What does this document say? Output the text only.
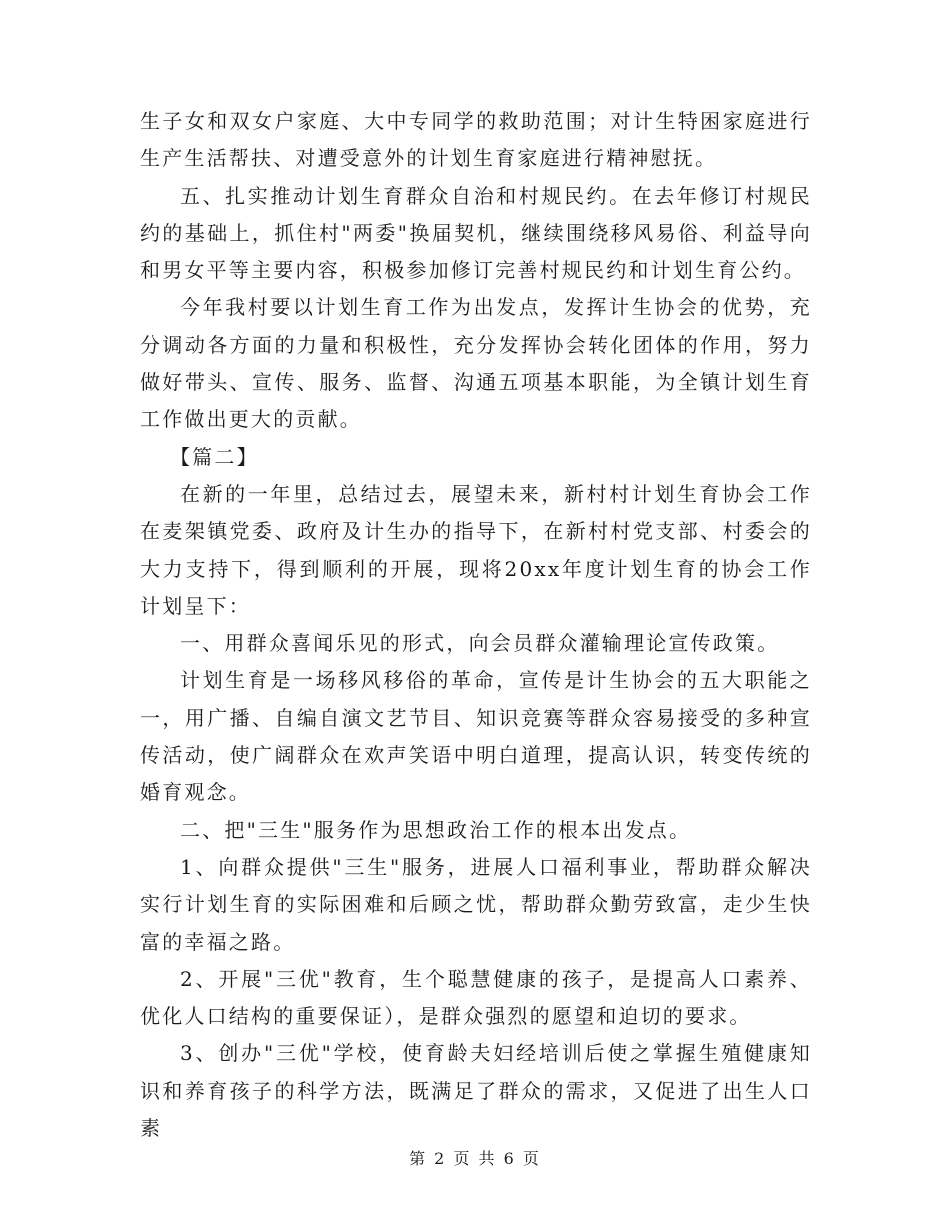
生子女和双女户家庭、大中专同学的救助范围；对计生特困家庭进行生产生活帮扶、对遭受意外的计划生育家庭进行精神慰抚。

五、扎实推动计划生育群众自治和村规民约。在去年修订村规民约的基础上，抓住村"两委"换届契机，继续围绕移风易俗、利益导向和男女平等主要内容，积极参加修订完善村规民约和计划生育公约。

今年我村要以计划生育工作为出发点，发挥计生协会的优势，充分调动各方面的力量和积极性，充分发挥协会转化团体的作用，努力做好带头、宣传、服务、监督、沟通五项基本职能，为全镇计划生育工作做出更大的贡献。

【篇二】

在新的一年里，总结过去，展望未来，新村村计划生育协会工作在麦架镇党委、政府及计生办的指导下，在新村村党支部、村委会的大力支持下，得到顺利的开展，现将20xx年度计划生育的协会工作计划呈下：

一、用群众喜闻乐见的形式，向会员群众灌输理论宣传政策。

计划生育是一场移风移俗的革命，宣传是计生协会的五大职能之一，用广播、自编自演文艺节目、知识竞赛等群众容易接受的多种宣传活动，使广阔群众在欢声笑语中明白道理，提高认识，转变传统的婚育观念。

二、把"三生"服务作为思想政治工作的根本出发点。

1、向群众提供"三生"服务，进展人口福利事业，帮助群众解决实行计划生育的实际困难和后顾之忧，帮助群众勤劳致富，走少生快富的幸福之路。

2、开展"三优"教育，生个聪慧健康的孩子，是提高人口素养、优化人口结构的重要保证），是群众强烈的愿望和迫切的要求。

3、创办"三优"学校，使育龄夫妇经培训后使之掌握生殖健康知识和养育孩子的科学方法，既满足了群众的需求，又促进了出生人口素

第 2 页 共 6 页
